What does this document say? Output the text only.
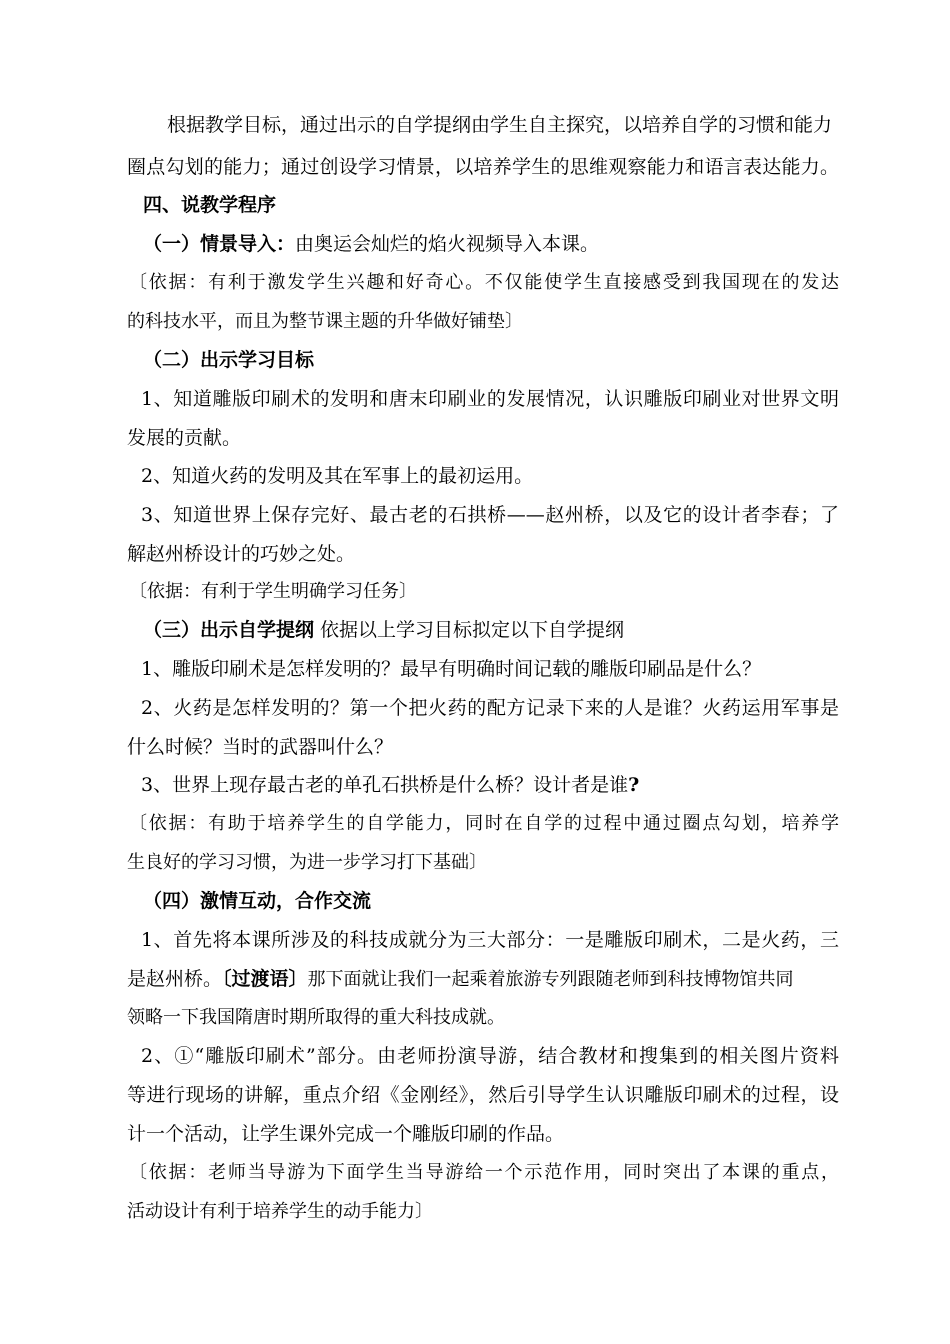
根据教学目标，通过出示的自学提纲由学生自主探究，以培养自学的习惯和能力
圈点勾划的能力；通过创设学习情景，以培养学生的思维观察能力和语言表达能力。
四、说教学程序
（一）情景导入：由奥运会灿烂的焰火视频导入本课。
〔依据：有利于激发学生兴趣和好奇心。不仅能使学生直接感受到我国现在的发达
的科技水平，而且为整节课主题的升华做好铺垫〕
（二）出示学习目标
1、知道雕版印刷术的发明和唐末印刷业的发展情况，认识雕版印刷业对世界文明
发展的贡献。
2、知道火药的发明及其在军事上的最初运用。
3、知道世界上保存完好、最古老的石拱桥——赵州桥，以及它的设计者李春；了
解赵州桥设计的巧妙之处。
〔依据：有利于学生明确学习任务〕
（三）出示自学提纲 依据以上学习目标拟定以下自学提纲
1、雕版印刷术是怎样发明的？最早有明确时间记载的雕版印刷品是什么？
2、火药是怎样发明的？第一个把火药的配方记录下来的人是谁？火药运用军事是
什么时候？当时的武器叫什么？
3、世界上现存最古老的单孔石拱桥是什么桥？设计者是谁?
〔依据：有助于培养学生的自学能力，同时在自学的过程中通过圈点勾划，培养学
生良好的学习习惯，为进一步学习打下基础〕
（四）激情互动，合作交流
1、首先将本课所涉及的科技成就分为三大部分：一是雕版印刷术，二是火药，三
是赵州桥。〔过渡语〕那下面就让我们一起乘着旅游专列跟随老师到科技博物馆共同
领略一下我国隋唐时期所取得的重大科技成就。
2、①“雕版印刷术”部分。由老师扮演导游，结合教材和搜集到的相关图片资料
等进行现场的讲解，重点介绍《金刚经》，然后引导学生认识雕版印刷术的过程，设
计一个活动，让学生课外完成一个雕版印刷的作品。
〔依据：老师当导游为下面学生当导游给一个示范作用，同时突出了本课的重点，
活动设计有利于培养学生的动手能力〕
